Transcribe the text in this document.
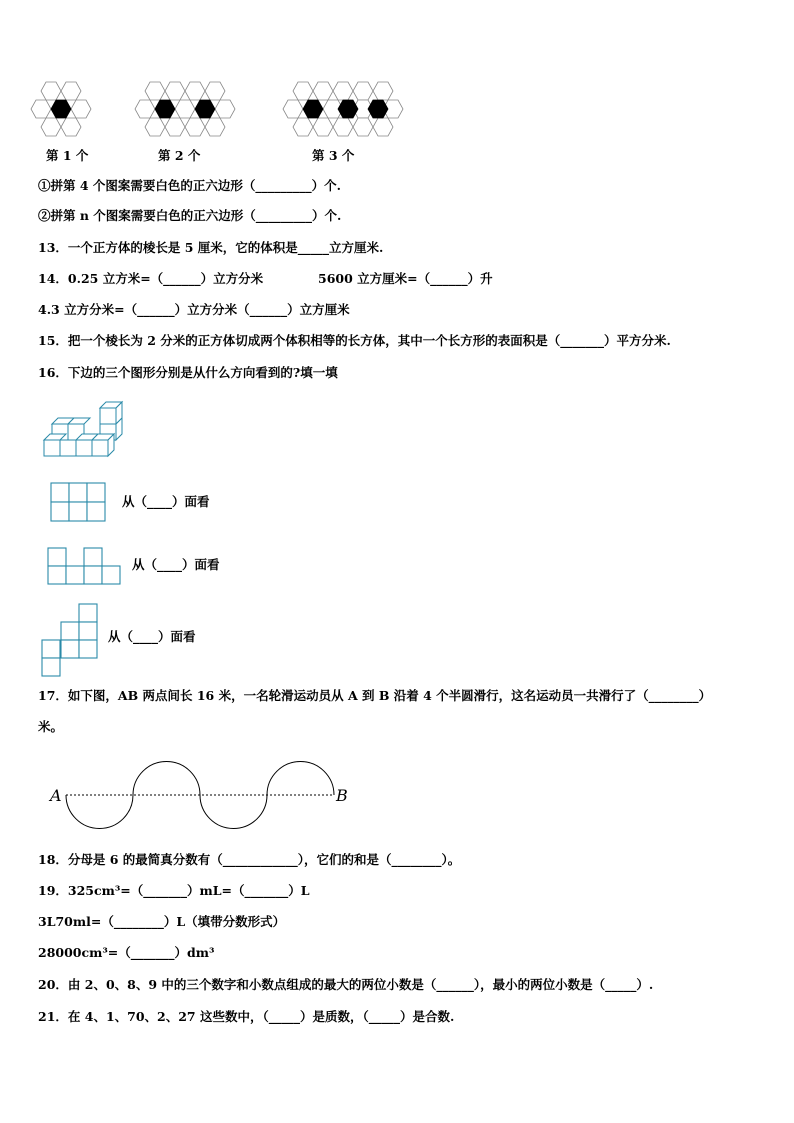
第 1 个	第 2 个	第 3 个
①拼第 4 个图案需要白色的正六边形（_________）个.
②拼第 n 个图案需要白色的正六边形（_________）个.
13．一个正方体的棱长是 5 厘米，它的体积是_____立方厘米.
14．0.25 立方米=（______）立方分米	5600 立方厘米=（______）升
4.3 立方分米=（______）立方分米（______）立方厘米
15．把一个棱长为 2 分米的正方体切成两个体积相等的长方体，其中一个长方形的表面积是（_______）平方分米.
16．下边的三个图形分别是从什么方向看到的?填一填
从（____）面看
从（____）面看
从（____）面看
17．如下图，AB 两点间长 16 米，一名轮滑运动员从 A 到 B 沿着 4 个半圆滑行，这名运动员一共滑行了（________）
米。
A	B
18．分母是 6 的最简真分数有（____________），它们的和是（________）。
19．325cm³=（_______）mL=（_______）L
3L70ml=（________）L（填带分数形式）
28000cm³=（_______）dm³
20．由 2、0、8、9 中的三个数字和小数点组成的最大的两位小数是（______），最小的两位小数是（_____）.
21．在 4、1、70、2、27 这些数中，（_____）是质数，（_____）是合数.
